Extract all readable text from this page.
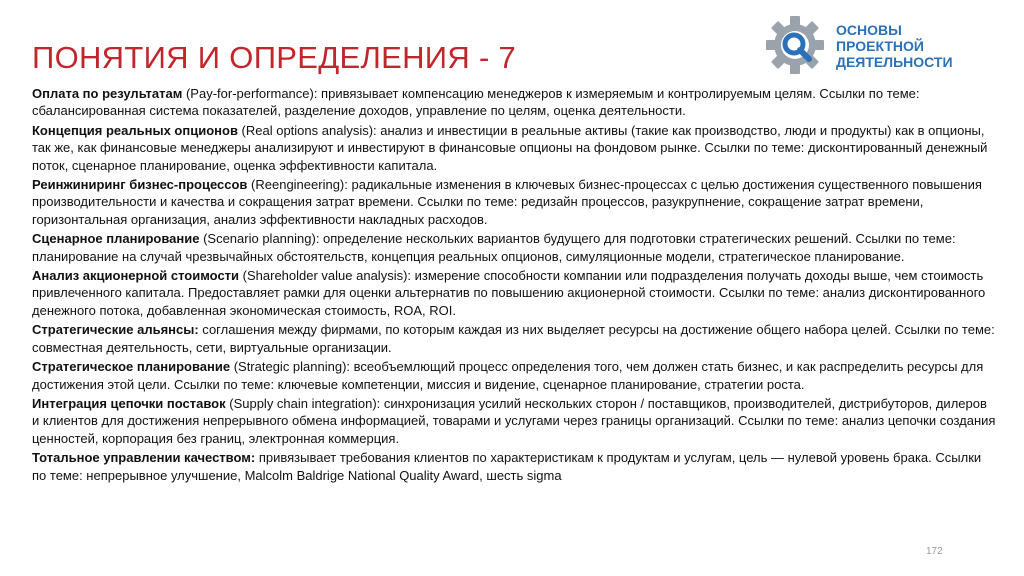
ПОНЯТИЯ И ОПРЕДЕЛЕНИЯ - 7
ОСНОВЫ
ПРОЕКТНОЙ
ДЕЯТЕЛЬНОСТИ

Оплата по результатам (Pay-for-performance): привязывает компенсацию менеджеров к измеряемым и контролируемым целям. Ссылки по теме: сбалансированная система показателей, разделение доходов, управление по целям, оценка деятельности.

Концепция реальных опционов (Real options analysis): анализ и инвестиции в реальные активы (такие как производство, люди и продукты) как в опционы, так же, как финансовые менеджеры анализируют и инвестируют в финансовые опционы на фондовом рынке. Ссылки по теме: дисконтированный денежный поток, сценарное планирование, оценка эффективности капитала.

Реинжиниринг бизнес-процессов (Reengineering): радикальные изменения в ключевых бизнес-процессах с целью достижения существенного повышения производительности и качества и сокращения затрат времени. Ссылки по теме: редизайн процессов, разукрупнение, сокращение затрат времени, горизонтальная организация, анализ эффективности накладных расходов.

Сценарное планирование (Scenario planning): определение нескольких вариантов будущего для подготовки стратегических решений. Ссылки по теме: планирование на случай чрезвычайных обстоятельств, концепция реальных опционов, симуляционные модели, стратегическое планирование.

Анализ акционерной стоимости (Shareholder value analysis): измерение способности компании или подразделения получать доходы выше, чем стоимость привлеченного капитала. Предоставляет рамки для оценки альтернатив по повышению акционерной стоимости. Ссылки по теме: анализ дисконтированного денежного потока, добавленная экономическая стоимость, ROA, ROI.

Стратегические альянсы: соглашения между фирмами, по которым каждая из них выделяет ресурсы на достижение общего набора целей. Ссылки по теме: совместная деятельность, сети, виртуальные организации.

Стратегическое планирование (Strategic planning): всеобъемлющий процесс определения того, чем должен стать бизнес, и как распределить ресурсы для достижения этой цели. Ссылки по теме: ключевые компетенции, миссия и видение, сценарное планирование, стратегии роста.

Интеграция цепочки поставок (Supply chain integration): синхронизация усилий нескольких сторон / поставщиков, производителей, дистрибуторов, дилеров и клиентов для достижения непрерывного обмена информацией, товарами и услугами через границы организаций. Ссылки по теме: анализ цепочки создания ценностей, корпорация без границ, электронная коммерция.

Тотальное управлении качеством: привязывает требования клиентов по характеристикам к продуктам и услугам, цель — нулевой уровень брака. Ссылки по теме: непрерывное улучшение, Malcolm Baldrige National Quality Award, шесть sigma

172
